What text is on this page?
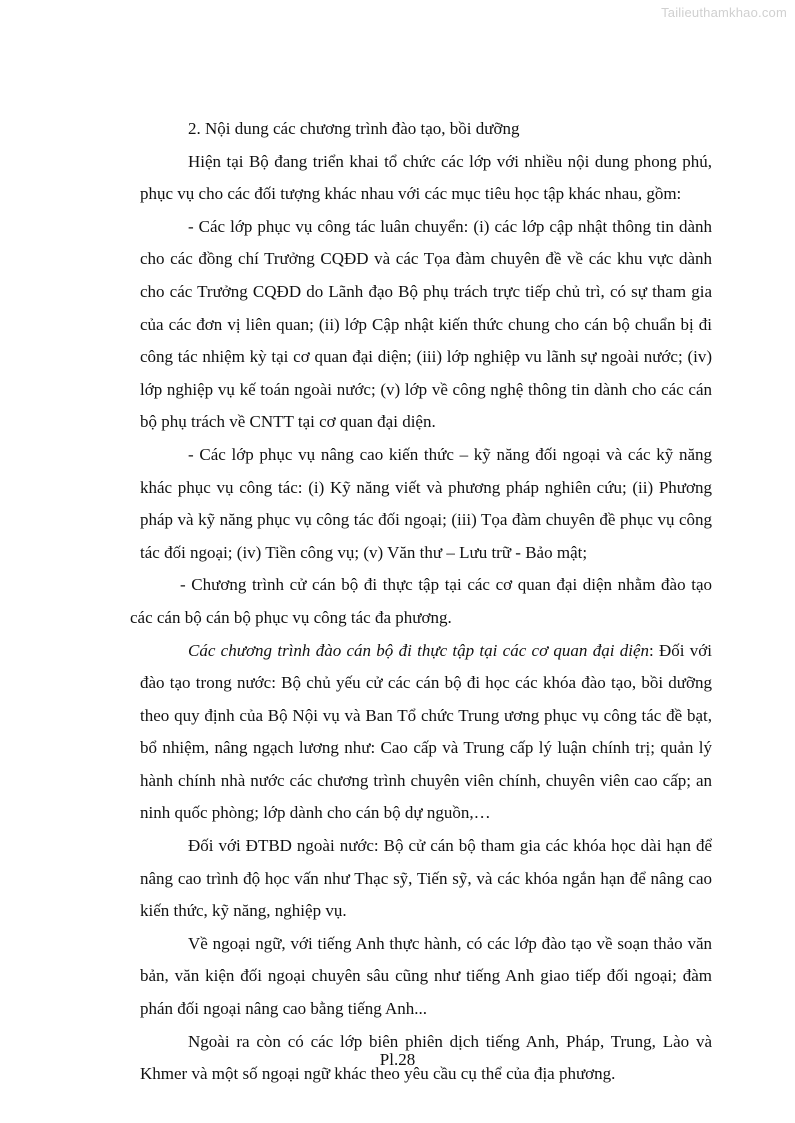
Tailieuthamkhao.com

2. Nội dung các chương trình đào tạo, bồi dưỡng

Hiện tại Bộ đang triển khai tổ chức các lớp với nhiều nội dung phong phú, phục vụ cho các đối tượng khác nhau với các mục tiêu học tập khác nhau, gồm:

- Các lớp phục vụ công tác luân chuyển: (i) các lớp cập nhật thông tin dành cho các đồng chí Trưởng CQĐD và các Tọa đàm chuyên đề về các khu vực dành cho các Trưởng CQĐD do Lãnh đạo Bộ phụ trách trực tiếp chủ trì, có sự tham gia của các đơn vị liên quan; (ii) lớp Cập nhật kiến thức chung cho cán bộ chuẩn bị đi công tác nhiệm kỳ tại cơ quan đại diện; (iii) lớp nghiệp vu lãnh sự ngoài nước; (iv) lớp nghiệp vụ kế toán ngoài nước; (v) lớp về công nghệ thông tin dành cho các cán bộ phụ trách về CNTT tại cơ quan đại diện.

- Các lớp phục vụ nâng cao kiến thức – kỹ năng đối ngoại và các kỹ năng khác phục vụ công tác: (i) Kỹ năng viết và phương pháp nghiên cứu; (ii) Phương pháp và kỹ năng phục vụ công tác đối ngoại; (iii) Tọa đàm chuyên đề phục vụ công tác đối ngoại; (iv) Tiền công vụ; (v) Văn thư – Lưu trữ - Bảo mật;

- Chương trình cử cán bộ đi thực tập tại các cơ quan đại diện nhằm đào tạo các cán bộ cán bộ phục vụ công tác đa phương.

Các chương trình đào cán bộ đi thực tập tại các cơ quan đại diện: Đối với đào tạo trong nước: Bộ chủ yếu cử các cán bộ đi học các khóa đào tạo, bồi dưỡng theo quy định của Bộ Nội vụ và Ban Tổ chức Trung ương phục vụ công tác đề bạt, bổ nhiệm, nâng ngạch lương như: Cao cấp và Trung cấp lý luận chính trị; quản lý hành chính nhà nước các chương trình chuyên viên chính, chuyên viên cao cấp; an ninh quốc phòng; lớp dành cho cán bộ dự nguồn,…

Đối với ĐTBD ngoài nước: Bộ cử cán bộ tham gia các khóa học dài hạn để nâng cao trình độ học vấn như Thạc sỹ, Tiến sỹ, và các khóa ngắn hạn để nâng cao kiến thức, kỹ năng, nghiệp vụ.

Về ngoại ngữ, với tiếng Anh thực hành, có các lớp đào tạo về soạn thảo văn bản, văn kiện đối ngoại chuyên sâu cũng như tiếng Anh giao tiếp đối ngoại; đàm phán đối ngoại nâng cao bằng tiếng Anh...

Ngoài ra còn có các lớp biên phiên dịch tiếng Anh, Pháp, Trung, Lào và Khmer và một số ngoại ngữ khác theo yêu cầu cụ thể của địa phương.

Pl.28
